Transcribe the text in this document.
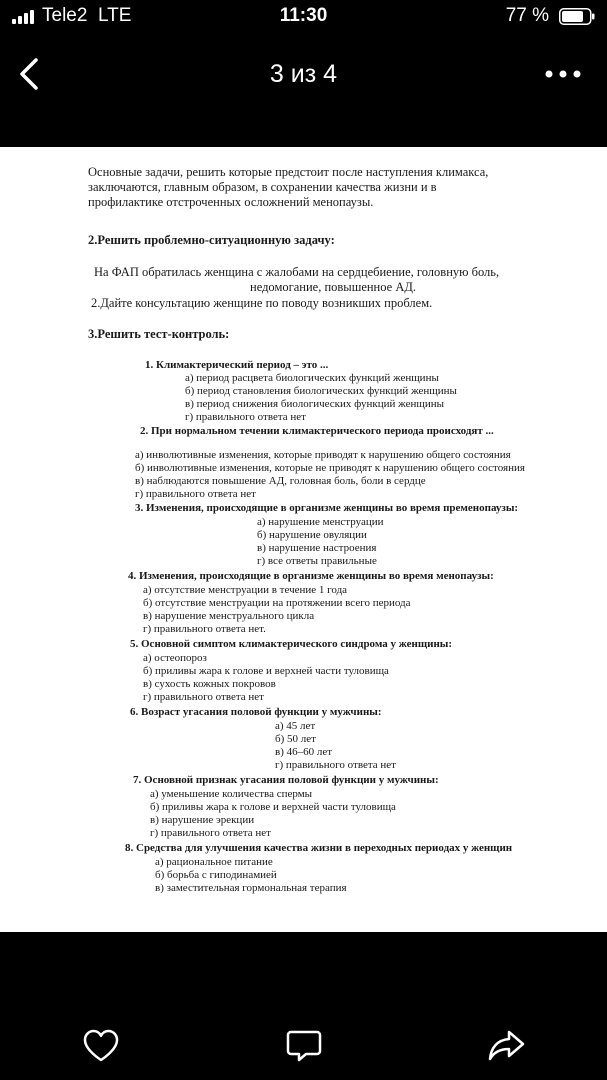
Tele2 LTE	11:30	77 %
3 из 4
Основные задачи, решить которые предстоит после наступления климакса,
заключаются, главным образом, в сохранении качества жизни и в
профилактике отстроченных осложнений менопаузы.
2.Решить проблемно-ситуационную задачу:
На ФАП обратилась женщина с жалобами на сердцебиение, головную боль,
недомогание, повышенное АД.
2.Дайте консультацию женщине по поводу возникших проблем.
3.Решить тест-контроль:
1. Климактерический период – это ...
а) период расцвета биологических функций женщины
б) период становления биологических функций женщины
в) период снижения биологических функций женщины
г) правильного ответа нет
2. При нормальном течении климактерического периода происходят ...
а) инволютивные изменения, которые приводят к нарушению общего состояния
б) инволютивные изменения, которые не приводят к нарушению общего состояния
в) наблюдаются повышение АД, головная боль, боли в сердце
г) правильного ответа нет
3. Изменения, происходящие в организме женщины во время пременопаузы:
а) нарушение менструации
б) нарушение овуляции
в) нарушение настроения
г) все ответы правильные
4. Изменения, происходящие в организме женщины во время менопаузы:
а) отсутствие менструации в течение 1 года
б) отсутствие менструации на протяжении всего периода
в) нарушение менструального цикла
г) правильного ответа нет.
5. Основной симптом климактерического синдрома у женщины:
а) остеопороз
б) приливы жара к голове и верхней части туловища
в) сухость кожных покровов
г) правильного ответа нет
6. Возраст угасания половой функции у мужчины:
а) 45 лет
б) 50 лет
в) 46–60 лет
г) правильного ответа нет
7. Основной признак угасания половой функции у мужчины:
а) уменьшение количества спермы
б) приливы жара к голове и верхней части туловища
в) нарушение эрекции
г) правильного ответа нет
8. Средства для улучшения качества жизни в переходных периодах у женщин
а) рациональное питание
б) борьба с гиподинамией
в) заместительная гормональная терапия
